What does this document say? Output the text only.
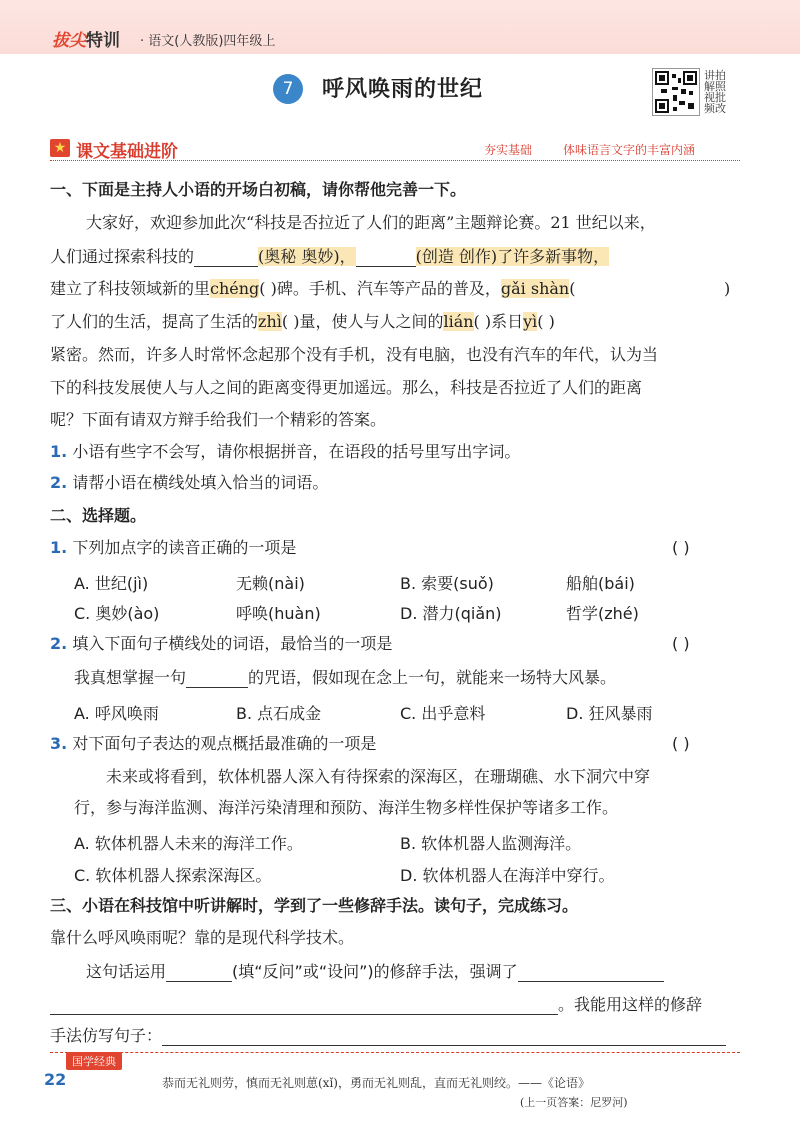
拔尖特训 · 语文(人教版)四年级上
7	呼风唤雨的世纪
讲拍解照视批频改
★ 课文基础进阶	夯实基础	体味语言文字的丰富内涵
一、下面是主持人小语的开场白初稿，请你帮他完善一下。
大家好，欢迎参加此次“科技是否拉近了人们的距离”主题辩论赛。21 世纪以来，
人们通过探索科技的	(奥秘 奥妙)，	(创造 创作)了许多新事物，
建立了科技领域新的里chéng( )碑。手机、汽车等产品的普及，gǎi shàn(	)
了人们的生活，提高了生活的zhì( )量，使人与人之间的lián( )系日yì( )
紧密。然而，许多人时常怀念起那个没有手机，没有电脑，也没有汽车的年代，认为当
下的科技发展使人与人之间的距离变得更加遥远。那么，科技是否拉近了人们的距离
呢？下面有请双方辩手给我们一个精彩的答案。
1. 小语有些字不会写，请你根据拼音，在语段的括号里写出字词。
2. 请帮小语在横线处填入恰当的词语。
二、选择题。
1. 下列加点字的读音正确的一项是	( )
A. 世纪(jì)	无赖(nài)	B. 索要(suǒ)	船舶(bái)
C. 奥妙(ào)	呼唤(huàn)	D. 潜力(qiǎn)	哲学(zhé)
2. 填入下面句子横线处的词语，最恰当的一项是	( )
我真想掌握一句	的咒语，假如现在念上一句，就能来一场特大风暴。
A. 呼风唤雨	B. 点石成金	C. 出乎意料	D. 狂风暴雨
3. 对下面句子表达的观点概括最准确的一项是	( )
未来或将看到，软体机器人深入有待探索的深海区，在珊瑚礁、水下洞穴中穿
行，参与海洋监测、海洋污染清理和预防、海洋生物多样性保护等诸多工作。
A. 软体机器人未来的海洋工作。	B. 软体机器人监测海洋。
C. 软体机器人探索深海区。	D. 软体机器人在海洋中穿行。
三、小语在科技馆中听讲解时，学到了一些修辞手法。读句子，完成练习。
靠什么呼风唤雨呢？靠的是现代科学技术。
这句话运用	(填“反问”或“设问”)的修辞手法，强调了
。我能用这样的修辞
手法仿写句子：
国学经典
22	恭而无礼则劳，慎而无礼则葸(xǐ)，勇而无礼则乱，直而无礼则绞。——《论语》
(上一页答案：尼罗河)
